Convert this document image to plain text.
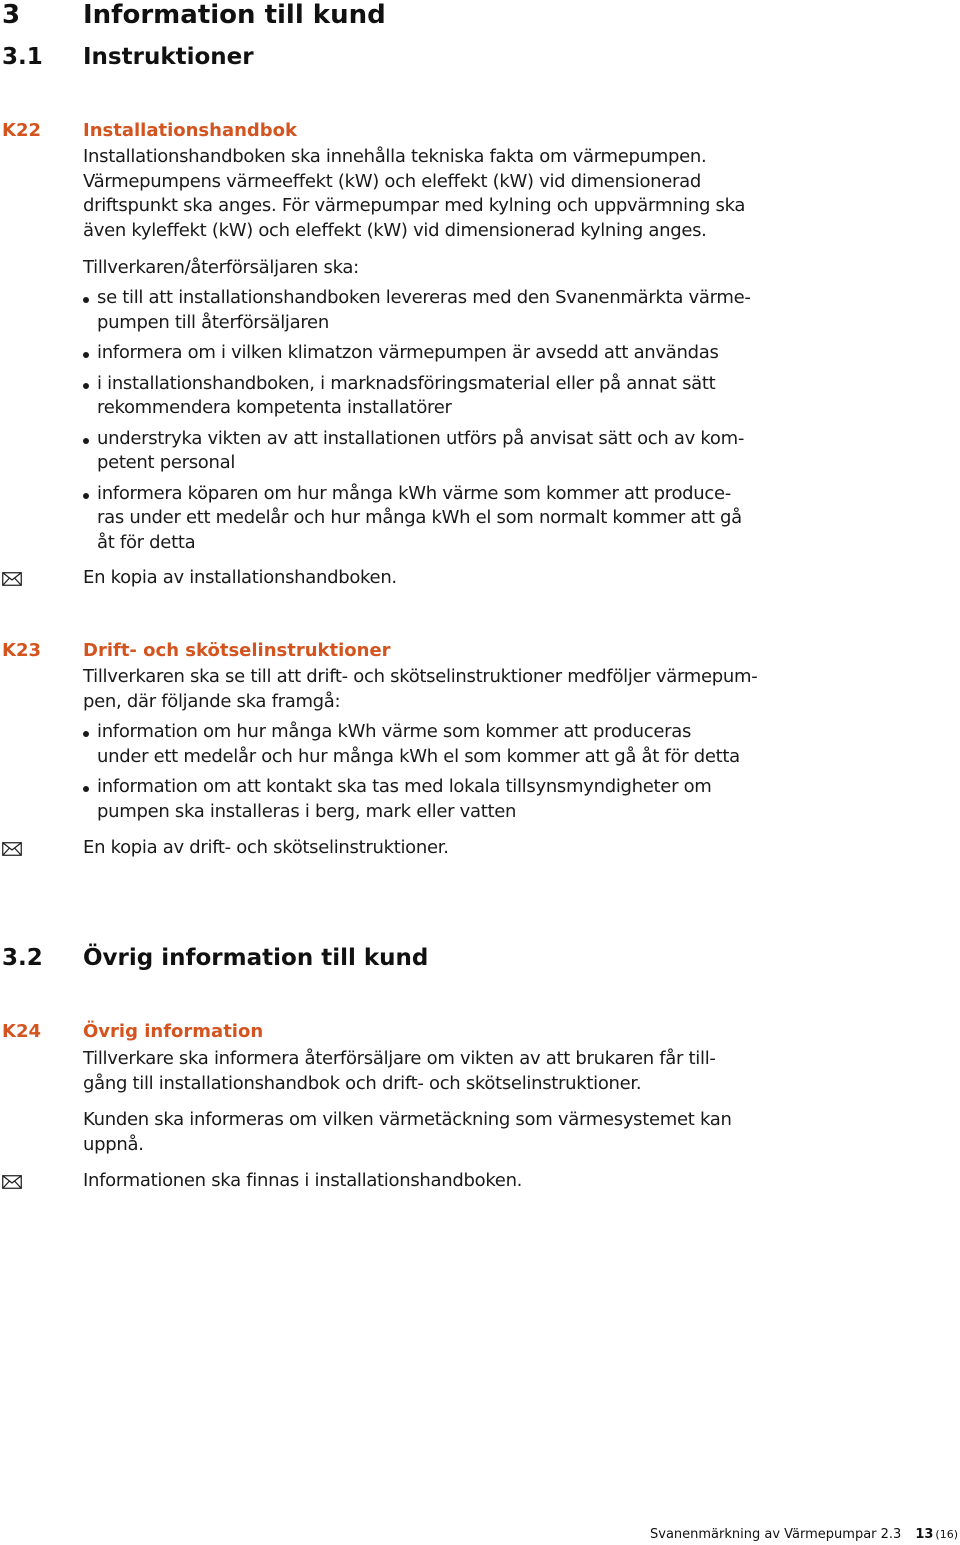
3 Information till kund
3.1 Instruktioner
K22 Installationshandbok
Installationshandboken ska innehålla tekniska fakta om värmepumpen.
Värmepumpens värmeeffekt (kW) och eleffekt (kW) vid dimensionerad
driftspunkt ska anges. För värmepumpar med kylning och uppvärmning ska
även kyleffekt (kW) och eleffekt (kW) vid dimensionerad kylning anges.
Tillverkaren/återförsäljaren ska:
se till att installationshandboken levereras med den Svanenmärkta värme-
pumpen till återförsäljaren
informera om i vilken klimatzon värmepumpen är avsedd att användas
i installationshandboken, i marknadsföringsmaterial eller på annat sätt
rekommendera kompetenta installatörer
understryka vikten av att installationen utförs på anvisat sätt och av kom-
petent personal
informera köparen om hur många kWh värme som kommer att produce-
ras under ett medelår och hur många kWh el som normalt kommer att gå
åt för detta
En kopia av installationshandboken.
K23 Drift- och skötselinstruktioner
Tillverkaren ska se till att drift- och skötselinstruktioner medföljer värmepum-
pen, där följande ska framgå:
information om hur många kWh värme som kommer att produceras
under ett medelår och hur många kWh el som kommer att gå åt för detta
information om att kontakt ska tas med lokala tillsynsmyndigheter om
pumpen ska installeras i berg, mark eller vatten
En kopia av drift- och skötselinstruktioner.
3.2 Övrig information till kund
K24 Övrig information
Tillverkare ska informera återförsäljare om vikten av att brukaren får till-
gång till installationshandbok och drift- och skötselinstruktioner.
Kunden ska informeras om vilken värmetäckning som värmesystemet kan
uppnå.
Informationen ska finnas i installationshandboken.
Svanenmärkning av Värmepumpar 2.3 13 (16)
